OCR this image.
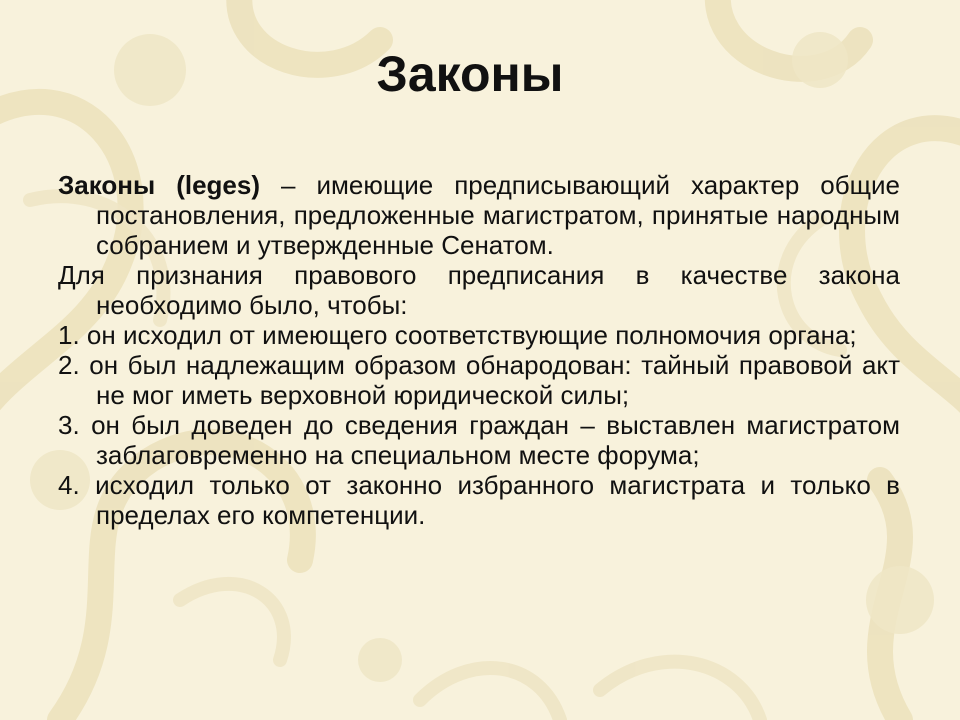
Законы
Законы (leges) – имеющие предписывающий характер общие постановления, предложенные магистратом, принятые народным собранием и утвержденные Сенатом.
Для признания правового предписания в качестве закона необходимо было, чтобы:
1. он исходил от имеющего соответствующие полномочия органа;
2. он был надлежащим образом обнародован: тайный правовой акт не мог иметь верховной юридической силы;
3. он был доведен до сведения граждан – выставлен магистратом заблаговременно на специальном месте форума;
4. исходил только от законно избранного магистрата и только в пределах его компетенции.
